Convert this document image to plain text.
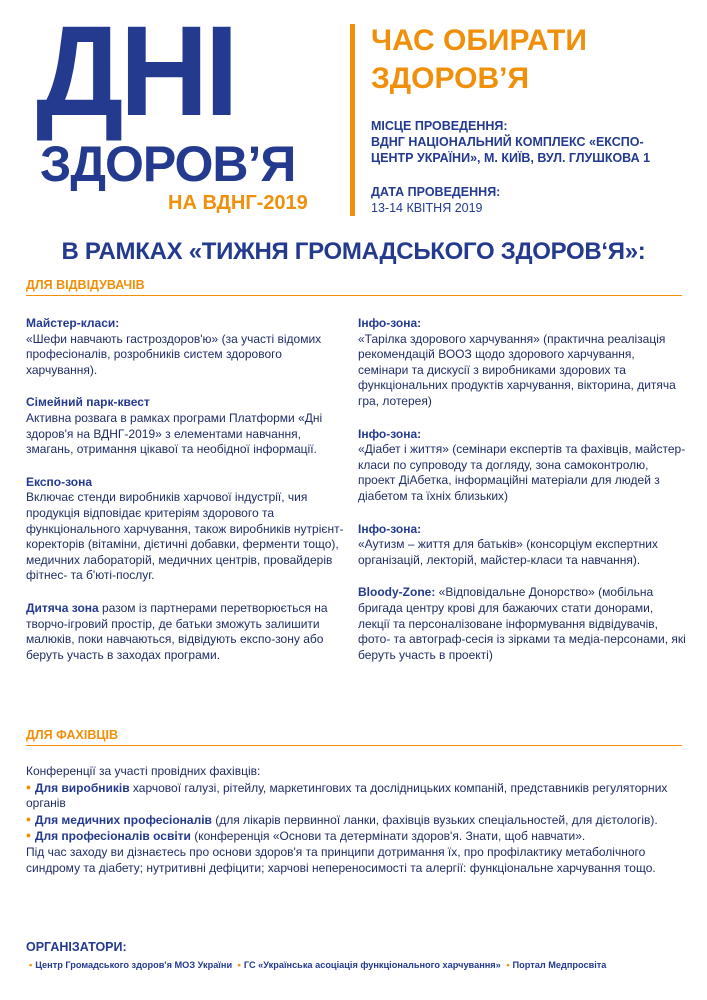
ДНІ
ЗДОРОВ’Я
НА ВДНГ-2019
ЧАС ОБИРАТИ
ЗДОРОВ’Я
МІСЦЕ ПРОВЕДЕННЯ:
ВДНГ НАЦІОНАЛЬНИЙ КОМПЛЕКС «ЕКСПО-
ЦЕНТР УКРАЇНИ», М. КИЇВ, ВУЛ. ГЛУШКОВА 1
ДАТА ПРОВЕДЕННЯ:
13-14 КВІТНЯ 2019
В РАМКАХ «ТИЖНЯ ГРОМАДСЬКОГО ЗДОРОВ‘Я»:
ДЛЯ ВІДВІДУВАЧІВ
Майстер-класи:
«Шефи навчають гастроздоров'ю» (за участі відомих професіоналів, розробників систем здорового харчування).
Сімейний парк-квест
Активна розвага в рамках програми Платформи «Дні здоров'я на ВДНГ-2019» з елементами навчання, змагань, отримання цікавої та необідної інформації.
Експо-зона
Включає стенди виробників харчової індустрії, чия продукція відповідає критеріям здорового та функціонального харчування, також виробників нутрієнт-коректорів (вітаміни, дієтичні добавки, ферменти тощо), медичних лабораторій, медичних центрів, провайдерів фітнес- та б'юті-послуг.
Дитяча зона разом із партнерами перетворюється на творчо-ігровий простір, де батьки зможуть залишити малюків, поки навчаються, відвідують експо-зону або беруть участь в заходах програми.
Інфо-зона:
«Тарілка здорового харчування» (практична реалізація рекомендацій ВООЗ щодо здорового харчування, семінари та дискусії з виробниками здорових та функціональних продуктів харчування, вікторина, дитяча гра, лотерея)
Інфо-зона:
«Діабет і життя» (семінари експертів та фахівців, майстер-класи по супроводу та догляду, зона самоконтролю, проект ДіАбетка, інформаційні матеріали для людей з діабетом та їхніх близьких)
Інфо-зона:
«Аутизм – життя для батьків» (консорціум експертних організацій, лекторій, майстер-класи та навчання).
Bloody-Zone: «Відповідальне Донорство» (мобільна бригада центру крові для бажаючих стати донорами, лекції та персоналізоване інформування відвідувачів, фото- та автограф-сесія із зірками та медіа-персонами, які беруть участь в проекті)
ДЛЯ ФАХІВЦІВ
Конференції за участі провідних фахівців:
• Для виробників харчової галузі, рітейлу, маркетингових та дослідницьких компаній, представників регуляторних органів
• Для медичних професіоналів (для лікарів первинної ланки, фахівців вузьких спеціальностей, для дієтологів).
• Для професіоналів освіти (конференція «Основи та детермінати здоров'я. Знати, щоб навчати».
Під час заходу ви дізнаєтесь про основи здоров'я та принципи дотримання їх, про профілактику метаболічного синдрому та діабету; нутритивні дефіцити; харчові непереносимості та алергії: функціональне харчування тощо.
ОРГАНІЗАТОРИ:
• Центр Громадського здоров'я МОЗ України • ГС «Українська асоціація функціонального харчування» • Портал Медпросвіта
